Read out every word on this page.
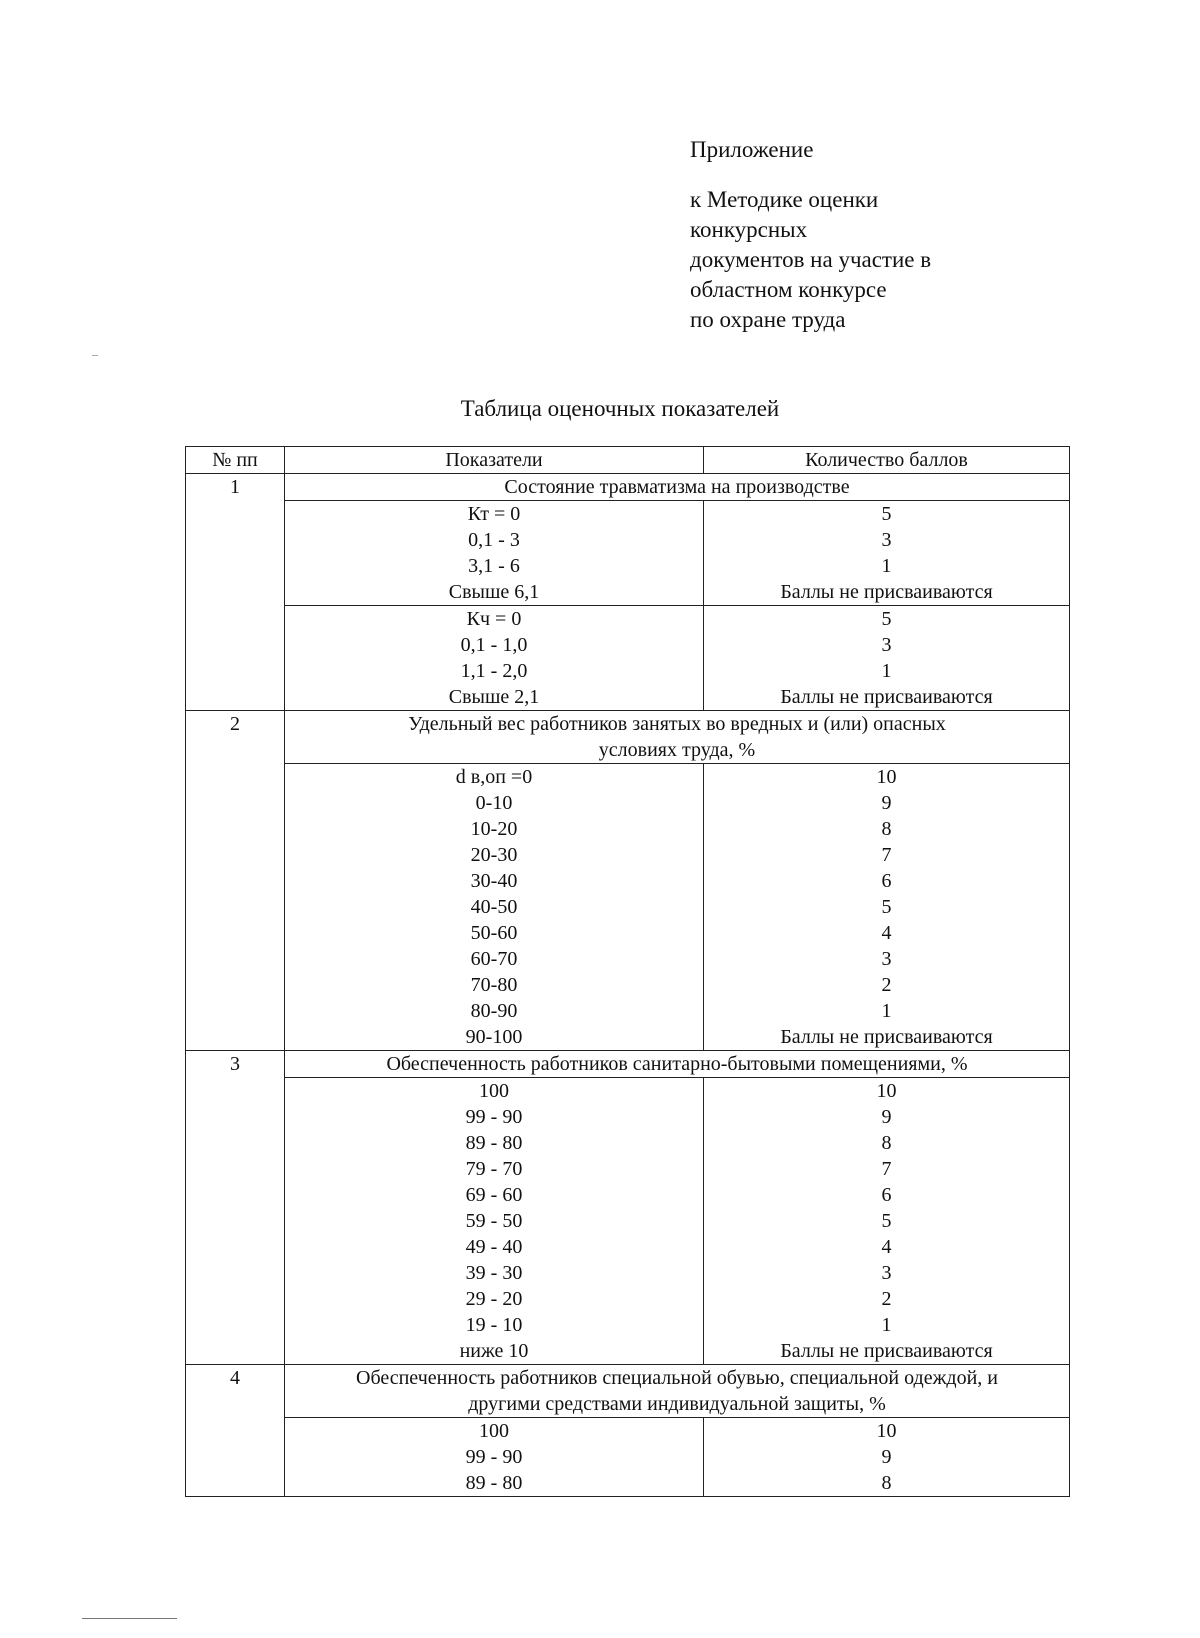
Приложение
к Методике оценки
конкурсных
документов на участие в
областном конкурсе
по охране труда
Таблица оценочных показателей
№ пп	Показатели	Количество баллов
1	Состояние травматизма на производстве	

	Кт = 0	5
	0,1 - 3	3
	3,1 - 6	1
	Свыше 6,1	Баллы не присваиваются
	Кч = 0	5
	0,1 - 1,0	3
	1,1 - 2,0	1
	Свыше 2,1	Баллы не присваиваются
2	Удельный вес работников занятых во вредных и (или) опасных
условиях труда, %	

	d в,оп =0	10
	0-10	9
	10-20	8
	20-30	7
	30-40	6
	40-50	5
	50-60	4
	60-70	3
	70-80	2
	80-90	1
	90-100	Баллы не присваиваются
3	Обеспеченность работников санитарно-бытовыми помещениями, %	

	100	10
	99 - 90	9
	89 - 80	8
	79 - 70	7
	69 - 60	6
	59 - 50	5
	49 - 40	4
	39 - 30	3
	29 - 20	2
	19 - 10	1
	ниже 10	Баллы не присваиваются
4	Обеспеченность работников специальной обувью, специальной одеждой, и
другими средствами индивидуальной защиты, %	

	100	10
	99 - 90	9
	89 - 80	8
